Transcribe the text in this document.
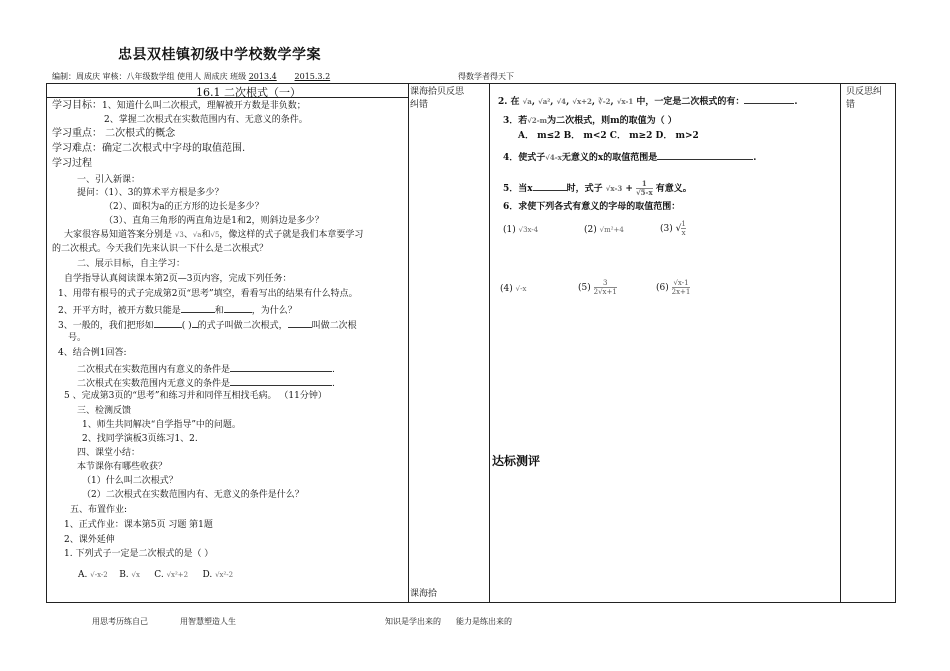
忠县双桂镇初级中学校数学学案
编制：周成庆 审核：八年级数学组 使用人 周成庆 班级 2013.4 2015.3.2	得数学者得天下
课海拾贝反思纠错
课海拾
贝反思纠错
16.1 二次根式（一）
学习目标：1、知道什么叫二次根式，理解被开方数是非负数；
2、掌握二次根式在实数范围内有、无意义的条件。
学习重点： 二次根式的概念
学习难点：确定二次根式中字母的取值范围.
学习过程
一、引入新课：
提问：（1）、3的算术平方根是多少？
（2）、面积为a的正方形的边长是多少？
（3）、直角三角形的两直角边是1和2，则斜边是多少？
大家很容易知道答案分别是 √3、√a和√5，像这样的式子就是我们本章要学习
的二次根式。今天我们先来认识一下什么是二次根式？
二、展示目标，自主学习：
自学指导认真阅读课本第2页—3页内容，完成下列任务：
1、用带有根号的式子完成第2页“思考”填空，看看写出的结果有什么特点。
2、开平方时，被开方数只能是	和	，为什么？
3、一般的，我们把形如	( ) 的式子叫做二次根式，	叫做二次根
号。
4、结合例1回答:
二次根式在实数范围内有意义的条件是	.
二次根式在实数范围内无意义的条件是	.
5 、完成第3页的“思考”和练习并和同伴互相找毛病。 （11分钟）
三、检测反馈
1、师生共同解决“自学指导”中的问题。
2、找同学演板3页练习1、2.
四、课堂小结：
本节课你有哪些收获？
（1）什么叫二次根式？
（2）二次根式在实数范围内有、无意义的条件是什么？
五、布置作业:
1、正式作业：课本第5页 习题 第1题
2、课外延伸
1. 下列式子一定是二次根式的是（ ）
A. √-x-2 B. √x C. √x²+2 D. √x²-2
2. 在 √a, √a², √4, √x+2, ∛-2, √x-1 中，一定是二次根式的有：	.
3．若√2-m为二次根式，则m的取值为（ ）
A． m≤2 B． m<2 C． m≥2 D． m>2
4．使式子√4-x无意义的x的取值范围是	.
5．当x	时，式子 $√x-3 + \frac{1}{√5-x}$ 有意义。
6．求使下列各式有意义的字母的取值范围：
(1) √3x-4	(2) √m²+4	(3) $√\frac{1}{x}$
(4) √-x	$(5) \frac{3}{2√x+1}$	$(6) \frac{√x-1}{2x+1}$
达标测评
用思考历练自己	用智慧塑造人生	知识是学出来的 能力是练出来的
